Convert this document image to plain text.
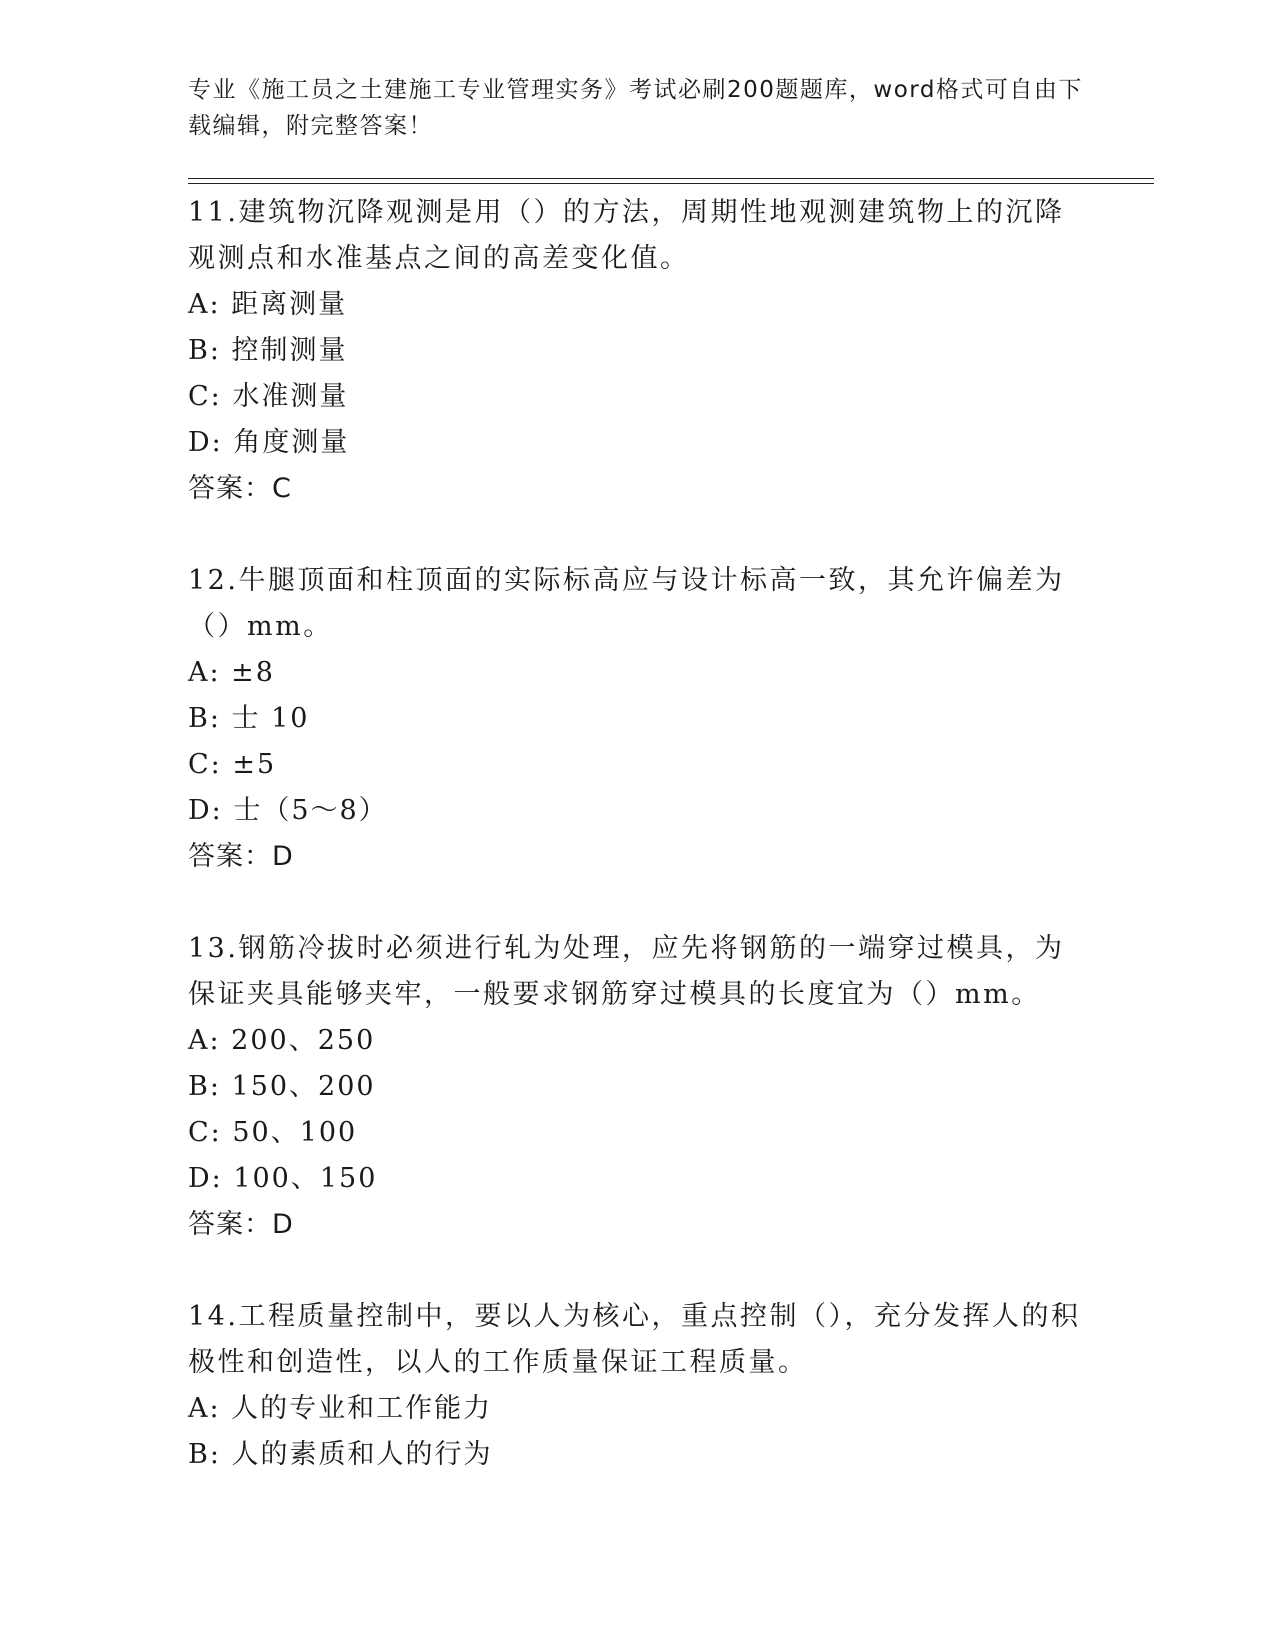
专业《施工员之土建施工专业管理实务》考试必刷200题题库，word格式可自由下载编辑，附完整答案！

11.建筑物沉降观测是用（）的方法，周期性地观测建筑物上的沉降观测点和水准基点之间的高差变化值。

A: 距离测量

B: 控制测量

C: 水准测量

D: 角度测量

答案：C

12.牛腿顶面和柱顶面的实际标高应与设计标高一致，其允许偏差为（）mm。

A: ±8

B: 士 10

C: ±5

D: 士（5～8）

答案：D

13.钢筋冷拔时必须进行轧为处理，应先将钢筋的一端穿过模具，为保证夹具能够夹牢，一般要求钢筋穿过模具的长度宜为（）mm。

A: 200、250

B: 150、200

C: 50、100

D: 100、150

答案：D

14.工程质量控制中，要以人为核心，重点控制（），充分发挥人的积极性和创造性，以人的工作质量保证工程质量。

A: 人的专业和工作能力

B: 人的素质和人的行为
